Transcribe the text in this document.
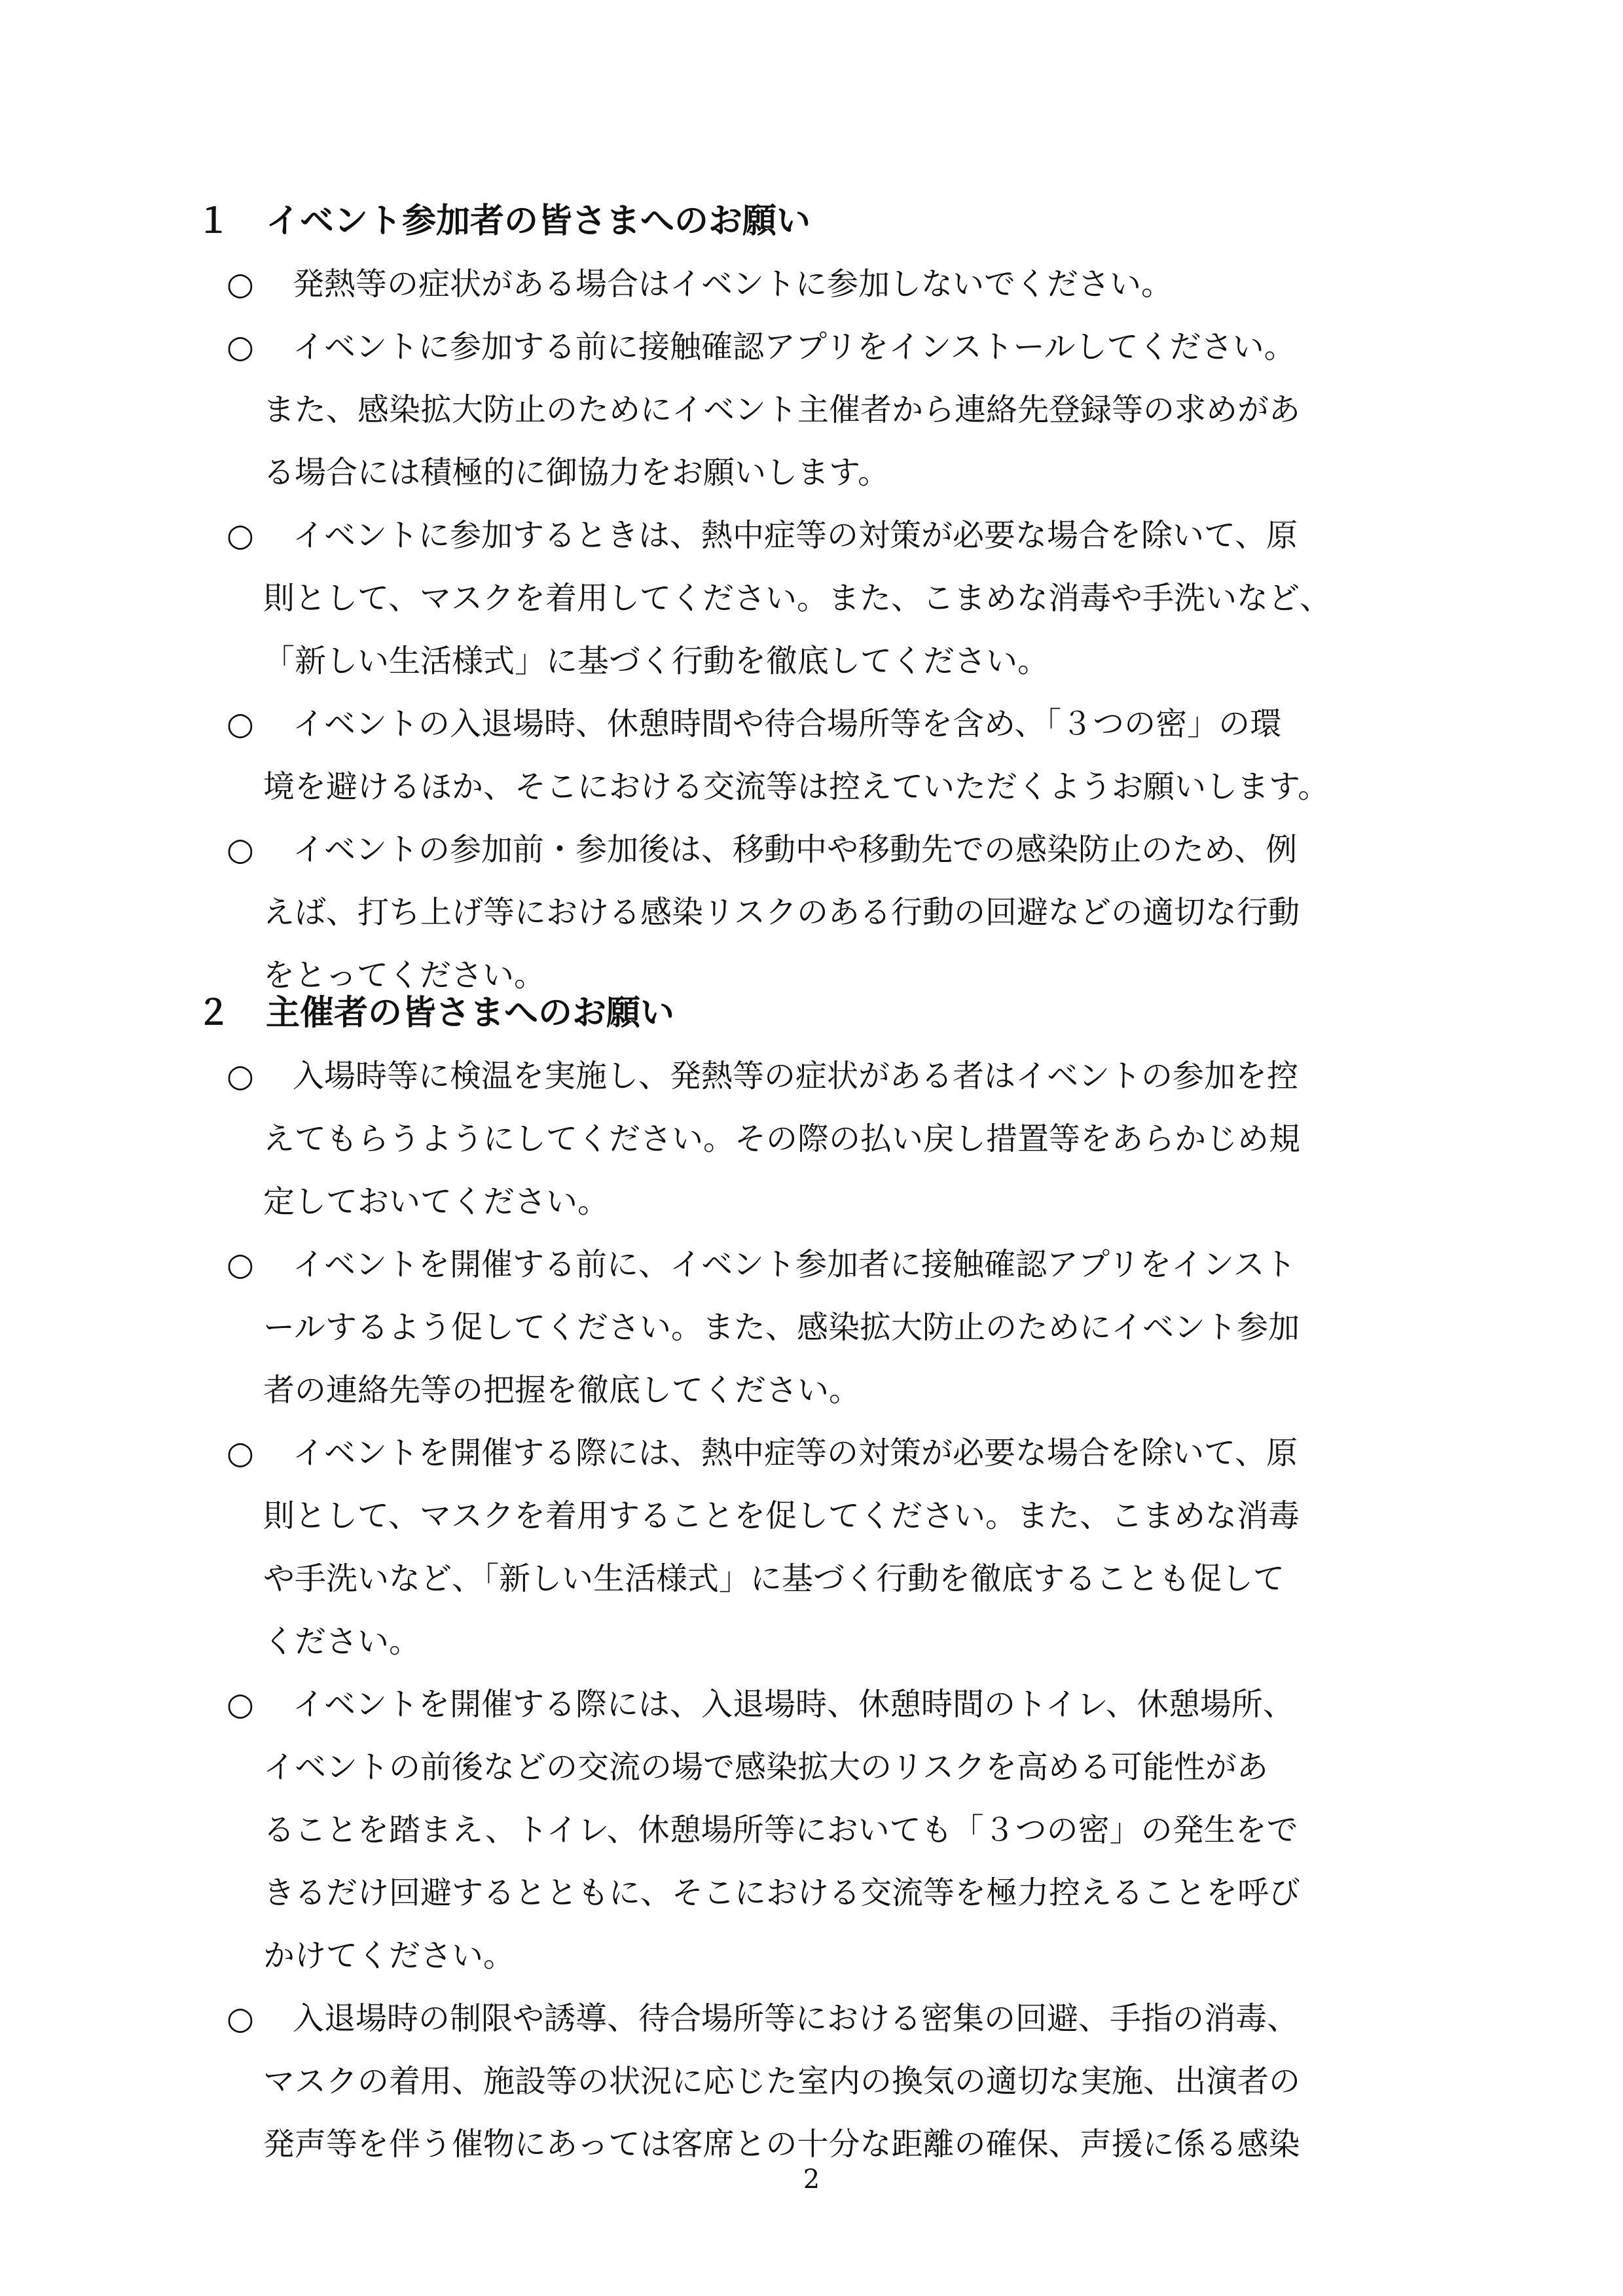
１ イベント参加者の皆さまへのお願い
○ 発熱等の症状がある場合はイベントに参加しないでください。
○ イベントに参加する前に接触確認アプリをインストールしてください。
また、感染拡大防止のためにイベント主催者から連絡先登録等の求めがあ
る場合には積極的に御協力をお願いします。
○ イベントに参加するときは、熱中症等の対策が必要な場合を除いて、原
則として、マスクを着用してください。また、こまめな消毒や手洗いなど、
「新しい生活様式」に基づく行動を徹底してください。
○ イベントの入退場時、休憩時間や待合場所等を含め、「３つの密」の環
境を避けるほか、そこにおける交流等は控えていただくようお願いします。
○ イベントの参加前・参加後は、移動中や移動先での感染防止のため、例
えば、打ち上げ等における感染リスクのある行動の回避などの適切な行動
をとってください。
２ 主催者の皆さまへのお願い
○ 入場時等に検温を実施し、発熱等の症状がある者はイベントの参加を控
えてもらうようにしてください。その際の払い戻し措置等をあらかじめ規
定しておいてください。
○ イベントを開催する前に、イベント参加者に接触確認アプリをインスト
ールするよう促してください。また、感染拡大防止のためにイベント参加
者の連絡先等の把握を徹底してください。
○ イベントを開催する際には、熱中症等の対策が必要な場合を除いて、原
則として、マスクを着用することを促してください。また、こまめな消毒
や手洗いなど、「新しい生活様式」に基づく行動を徹底することも促して
ください。
○ イベントを開催する際には、入退場時、休憩時間のトイレ、休憩場所、
イベントの前後などの交流の場で感染拡大のリスクを高める可能性があ
ることを踏まえ、トイレ、休憩場所等においても「３つの密」の発生をで
きるだけ回避するとともに、そこにおける交流等を極力控えることを呼び
かけてください。
○ 入退場時の制限や誘導、待合場所等における密集の回避、手指の消毒、
マスクの着用、施設等の状況に応じた室内の換気の適切な実施、出演者の
発声等を伴う催物にあっては客席との十分な距離の確保、声援に係る感染
2
